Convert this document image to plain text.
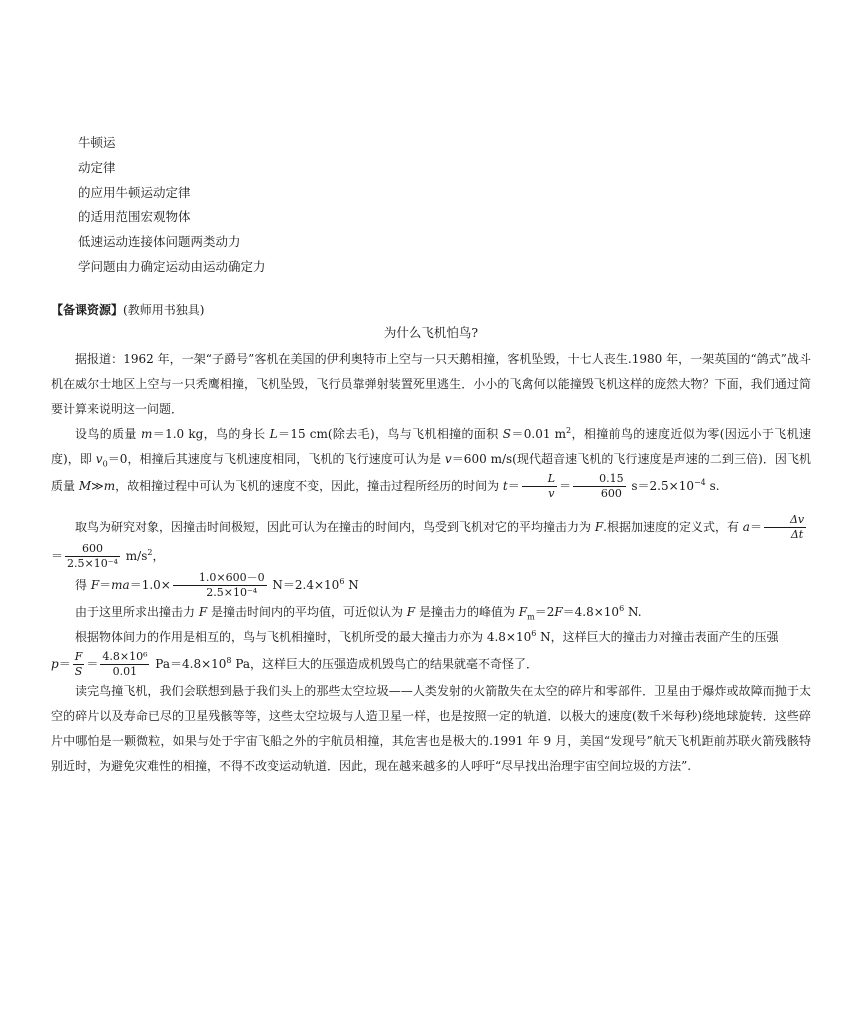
牛顿运
动定律
的应用牛顿运动定律
的适用范围宏观物体
低速运动连接体问题两类动力
学问题由力确定运动由运动确定力

【备课资源】(教师用书独具)

为什么飞机怕鸟?

据报道：1962 年，一架“子爵号”客机在美国的伊利奥特市上空与一只天鹅相撞，客机坠毁，十七人丧生.1980 年，一架英国的“鸽式”战斗机在威尔士地区上空与一只秃鹰相撞，飞机坠毁，飞行员靠弹射装置死里逃生．小小的飞禽何以能撞毁飞机这样的庞然大物？下面，我们通过简要计算来说明这一问题．

设鸟的质量 m＝1.0 kg，鸟的身长 L＝15 cm(除去毛)，鸟与飞机相撞的面积 S＝0.01 $m^2$，相撞前鸟的速度近似为零(因远小于飞机速度)，即 $v_0=0$，相撞后其速度与飞机速度相同，飞机的飞行速度可认为是 v＝600 m/s(现代超音速飞机的飞行速度是声速的二到三倍)．因飞机质量 M≫m，故相撞过程中可认为飞机的速度不变，因此，撞击过程所经历的时间为 $t= \frac{L}{v} = \frac{0.15}{600} s=2.5\times 10^{-4}$ s.

取鸟为研究对象，因撞击时间极短，因此可认为在撞击的时间内，鸟受到飞机对它的平均撞击力为 F.根据加速度的定义式，有 $a= \frac{\Delta v}{\Delta t}$

＝ $\frac{600}{\text{2.5×10⁻⁴}} m/s^2$，

得 $F=ma=1.0\times \frac{1.0\times 600-0}{\text{2.5×10⁻⁴}} N=2.4\times 10^6$ N

由于这里所求出撞击力 F 是撞击时间内的平均值，可近似认为 F 是撞击力的峰值为 $F_m=2F=4.8\times 10^6$ N.

根据物体间力的作用是相互的，鸟与飞机相撞时，飞机所受的最大撞击力亦为 $4.8\times 10^6$ N，这样巨大的撞击力对撞击表面产生的压强

$p= \frac{F}{S} = \frac{\text{4.8×10⁶}}{0.01} Pa=4.8\times 10^8$ Pa，这样巨大的压强造成机毁鸟亡的结果就毫不奇怪了．

读完鸟撞飞机，我们会联想到悬于我们头上的那些太空垃圾——人类发射的火箭散失在太空的碎片和零部件．卫星由于爆炸或故障而抛于太空的碎片以及寿命已尽的卫星残骸等等，这些太空垃圾与人造卫星一样，也是按照一定的轨道．以极大的速度(数千米每秒)绕地球旋转．这些碎片中哪怕是一颗微粒，如果与处于宇宙飞船之外的宇航员相撞，其危害也是极大的.1991 年 9 月，美国“发现号”航天飞机距前苏联火箭残骸特别近时，为避免灾难性的相撞，不得不改变运动轨道．因此，现在越来越多的人呼吁“尽早找出治理宇宙空间垃圾的方法”.
